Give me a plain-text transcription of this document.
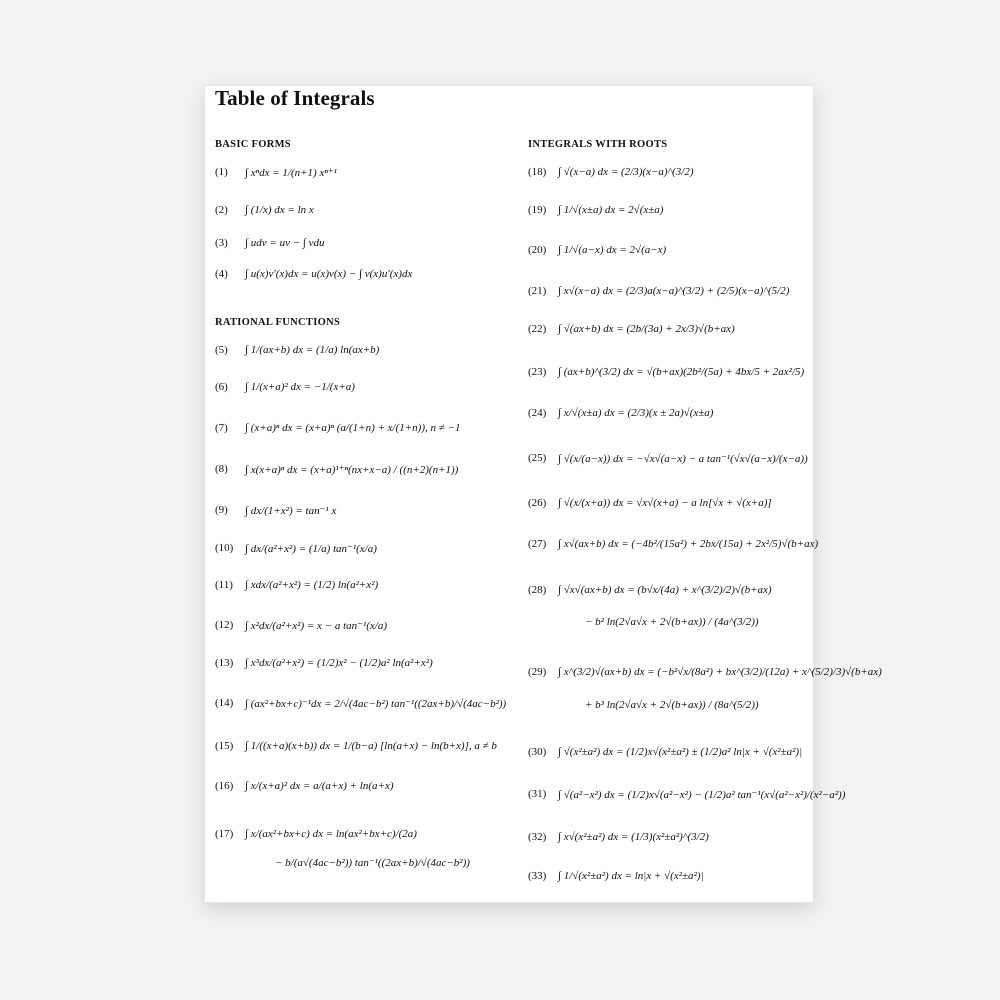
Table of Integrals
BASIC FORMS
RATIONAL FUNCTIONS
INTEGRALS WITH ROOTS
(1) ∫ xⁿdx = 1/(n+1) xⁿ⁺¹
(2) ∫ (1/x) dx = ln x
(3) ∫ udv = uv − ∫ vdu
(4) ∫ u(x)v′(x)dx = u(x)v(x) − ∫ v(x)u′(x)dx
(5) ∫ 1/(ax+b) dx = (1/a) ln(ax+b)
(6) ∫ 1/(x+a)² dx = −1/(x+a)
(7) ∫ (x+a)ⁿ dx = (x+a)ⁿ (a/(1+n) + x/(1+n)), n ≠ −1
(8) ∫ x(x+a)ⁿ dx = (x+a)¹⁺ⁿ(nx+x−a) / ((n+2)(n+1))
(9) ∫ dx/(1+x²) = tan⁻¹ x
(10) ∫ dx/(a²+x²) = (1/a) tan⁻¹(x/a)
(11) ∫ xdx/(a²+x²) = (1/2) ln(a²+x²)
(12) ∫ x²dx/(a²+x²) = x − a tan⁻¹(x/a)
(13) ∫ x³dx/(a²+x²) = (1/2)x² − (1/2)a² ln(a²+x²)
(14) ∫ (ax²+bx+c)⁻¹dx = 2/√(4ac−b²) tan⁻¹((2ax+b)/√(4ac−b²))
(15) ∫ 1/((x+a)(x+b)) dx = 1/(b−a) [ln(a+x) − ln(b+x)], a ≠ b
(16) ∫ x/(x+a)² dx = a/(a+x) + ln(a+x)
(17) ∫ x/(ax²+bx+c) dx = ln(ax²+bx+c)/(2a)
− b/(a√(4ac−b²)) tan⁻¹((2ax+b)/√(4ac−b²))
(18) ∫ √(x−a) dx = (2/3)(x−a)^(3/2)
(19) ∫ 1/√(x±a) dx = 2√(x±a)
(20) ∫ 1/√(a−x) dx = 2√(a−x)
(21) ∫ x√(x−a) dx = (2/3)a(x−a)^(3/2) + (2/5)(x−a)^(5/2)
(22) ∫ √(ax+b) dx = (2b/(3a) + 2x/3)√(b+ax)
(23) ∫ (ax+b)^(3/2) dx = √(b+ax)(2b²/(5a) + 4bx/5 + 2ax²/5)
(24) ∫ x/√(x±a) dx = (2/3)(x ± 2a)√(x±a)
(25) ∫ √(x/(a−x)) dx = −√x√(a−x) − a tan⁻¹(√x√(a−x)/(x−a))
(26) ∫ √(x/(x+a)) dx = √x√(x+a) − a ln[√x + √(x+a)]
(27) ∫ x√(ax+b) dx = (−4b²/(15a²) + 2bx/(15a) + 2x²/5)√(b+ax)
(28) ∫ √x√(ax+b) dx = (b√x/(4a) + x^(3/2)/2)√(b+ax)
− b² ln(2√a√x + 2√(b+ax)) / (4a^(3/2))
(29) ∫ x^(3/2)√(ax+b) dx = (−b²√x/(8a²) + bx^(3/2)/(12a) + x^(5/2)/3)√(b+ax)
+ b³ ln(2√a√x + 2√(b+ax)) / (8a^(5/2))
(30) ∫ √(x²±a²) dx = (1/2)x√(x²±a²) ± (1/2)a² ln|x + √(x²±a²)|
(31) ∫ √(a²−x²) dx = (1/2)x√(a²−x²) − (1/2)a² tan⁻¹(x√(a²−x²)/(x²−a²))
(32) ∫ x√(x²±a²) dx = (1/3)(x²±a²)^(3/2)
(33) ∫ 1/√(x²±a²) dx = ln|x + √(x²±a²)|
